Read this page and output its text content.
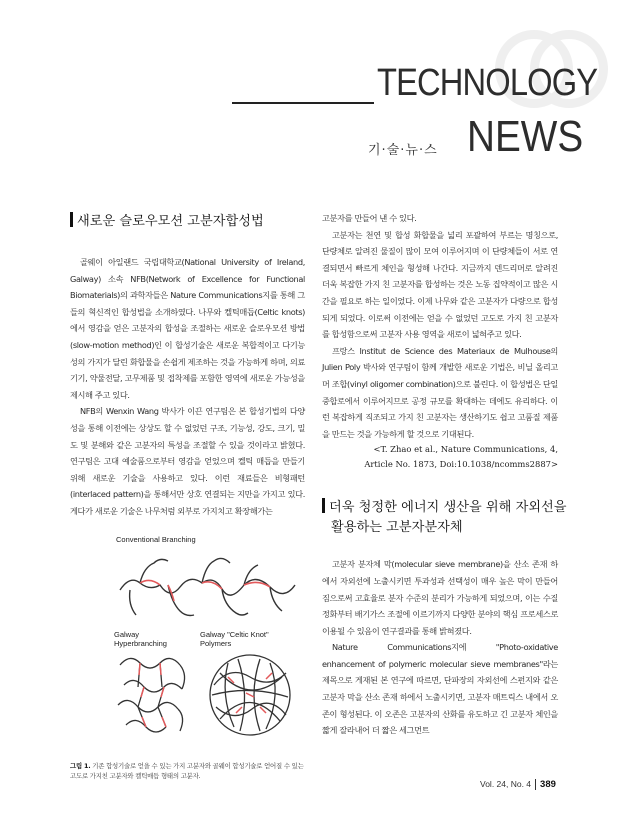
TECHNOLOGY
기·술·뉴·스 NEWS
새로운 슬로우모션 고분자합성법

골웨이 아일랜드 국립대학교(National University of Ireland, Galway) 소속 NFB(Network of Excellence for Functional Biomaterials)의 과학자들은 Nature Communications지를 통해 그들의 혁신적인 합성법을 소개하였다. 나무와 켈틱매듭(Celtic knots)에서 영감을 얻은 고분자의 합성을 조절하는 새로운 슬로우모션 방법(slow-motion method)인 이 합성기술은 새로운 복합적이고 다기능성의 가지가 달린 화합물을 손쉽게 제조하는 것을 가능하게 하며, 의료기기, 약물전달, 고무제품 및 접착제를 포함한 영역에 새로운 가능성을 제시해 주고 있다.

NFB의 Wenxin Wang 박사가 이끈 연구팀은 본 합성기법의 다양성을 통해 이전에는 상상도 할 수 없었던 구조, 기능성, 강도, 크기, 밀도 및 분해와 같은 고분자의 특성을 조절할 수 있을 것이라고 밝혔다. 연구팀은 고대 예술품으로부터 영감을 얻었으며 켈틱 매듭을 만들기 위해 새로운 기술을 사용하고 있다. 이런 재료들은 비형패턴(interlaced pattern)을 통해서만 상호 연결되는 지만을 가지고 있다. 게다가 새로운 기술은 나무처럼 외부로 가지치고 확장해가는

Conventional Branching
Galway
Hyperbranching
Galway "Celtic Knot"
Polymers
그림 1. 기존 합성기술로 얻을 수 있는 가지 고분자와 골웨이 합성기술로 얻어질 수 있는 고도로 가지친 고분자와 켈틱매듭 형태의 고분자.

고분자를 만들어 낸 수 있다.

고분자는 천연 및 합성 화합물을 넓리 포괄하여 부르는 명칭으로, 단량체로 알려진 물질이 많이 모여 이루어지며 이 단량체들이 서로 연결되면서 빠르게 체인을 형성해 나간다. 지금까지 덴드리머로 알려진 더욱 복잡한 가지 친 고분자를 합성하는 것은 노동 집약적이고 많은 시간을 필요로 하는 일이었다. 이제 나무와 같은 고분자가 다량으로 합성되게 되었다. 이로써 이전에는 얻을 수 없었던 고도로 가지 친 고분자를 합성함으로써 고분자 사용 영역을 새로이 넓혀주고 있다.

프랑스 Institut de Science des Materiaux de Mulhouse의 Julien Poly 박사와 연구팀이 함께 개발한 새로운 기법은, 비닐 올리고머 조합(vinyl oligomer combination)으로 불린다. 이 합성법은 단일 중합로에서 이루어지므로 공정 규모를 확대하는 데에도 유리하다. 이런 복잡하게 직조되고 가지 친 고분자는 생산하기도 쉽고 고품질 제품을 만드는 것을 가능하게 할 것으로 기대된다.

<T. Zhao et al., Nature Communications, 4, Article No. 1873, Doi:10.1038/ncomms2887>
더욱 청정한 에너지 생산을 위해 자외선을
활용하는 고분자분자체

고분자 분자체 막(molecular sieve membrane)을 산소 존재 하에서 자외선에 노출시키면 투과성과 선택성이 매우 높은 막이 만들어짐으로써 고효율로 분자 수준의 분리가 가능하게 되었으며, 이는 수질정화부터 배기가스 조절에 이르기까지 다양한 분야의 핵심 프로세스로 이용될 수 있음이 연구결과를 통해 밝혀졌다.

Nature Communications지에 "Photo-oxidative enhancement of polymeric molecular sieve membranes"라는 제목으로 게재된 본 연구에 따르면, 단파장의 자외선에 스펀지와 같은 고분자 막을 산소 존재 하에서 노출시키면, 고분자 매트릭스 내에서 오존이 형성된다. 이 오존은 고분자의 산화를 유도하고 긴 고분자 체인을 짧게 잘라내어 더 짧은 세그먼트

Vol. 24, No. 4 389
